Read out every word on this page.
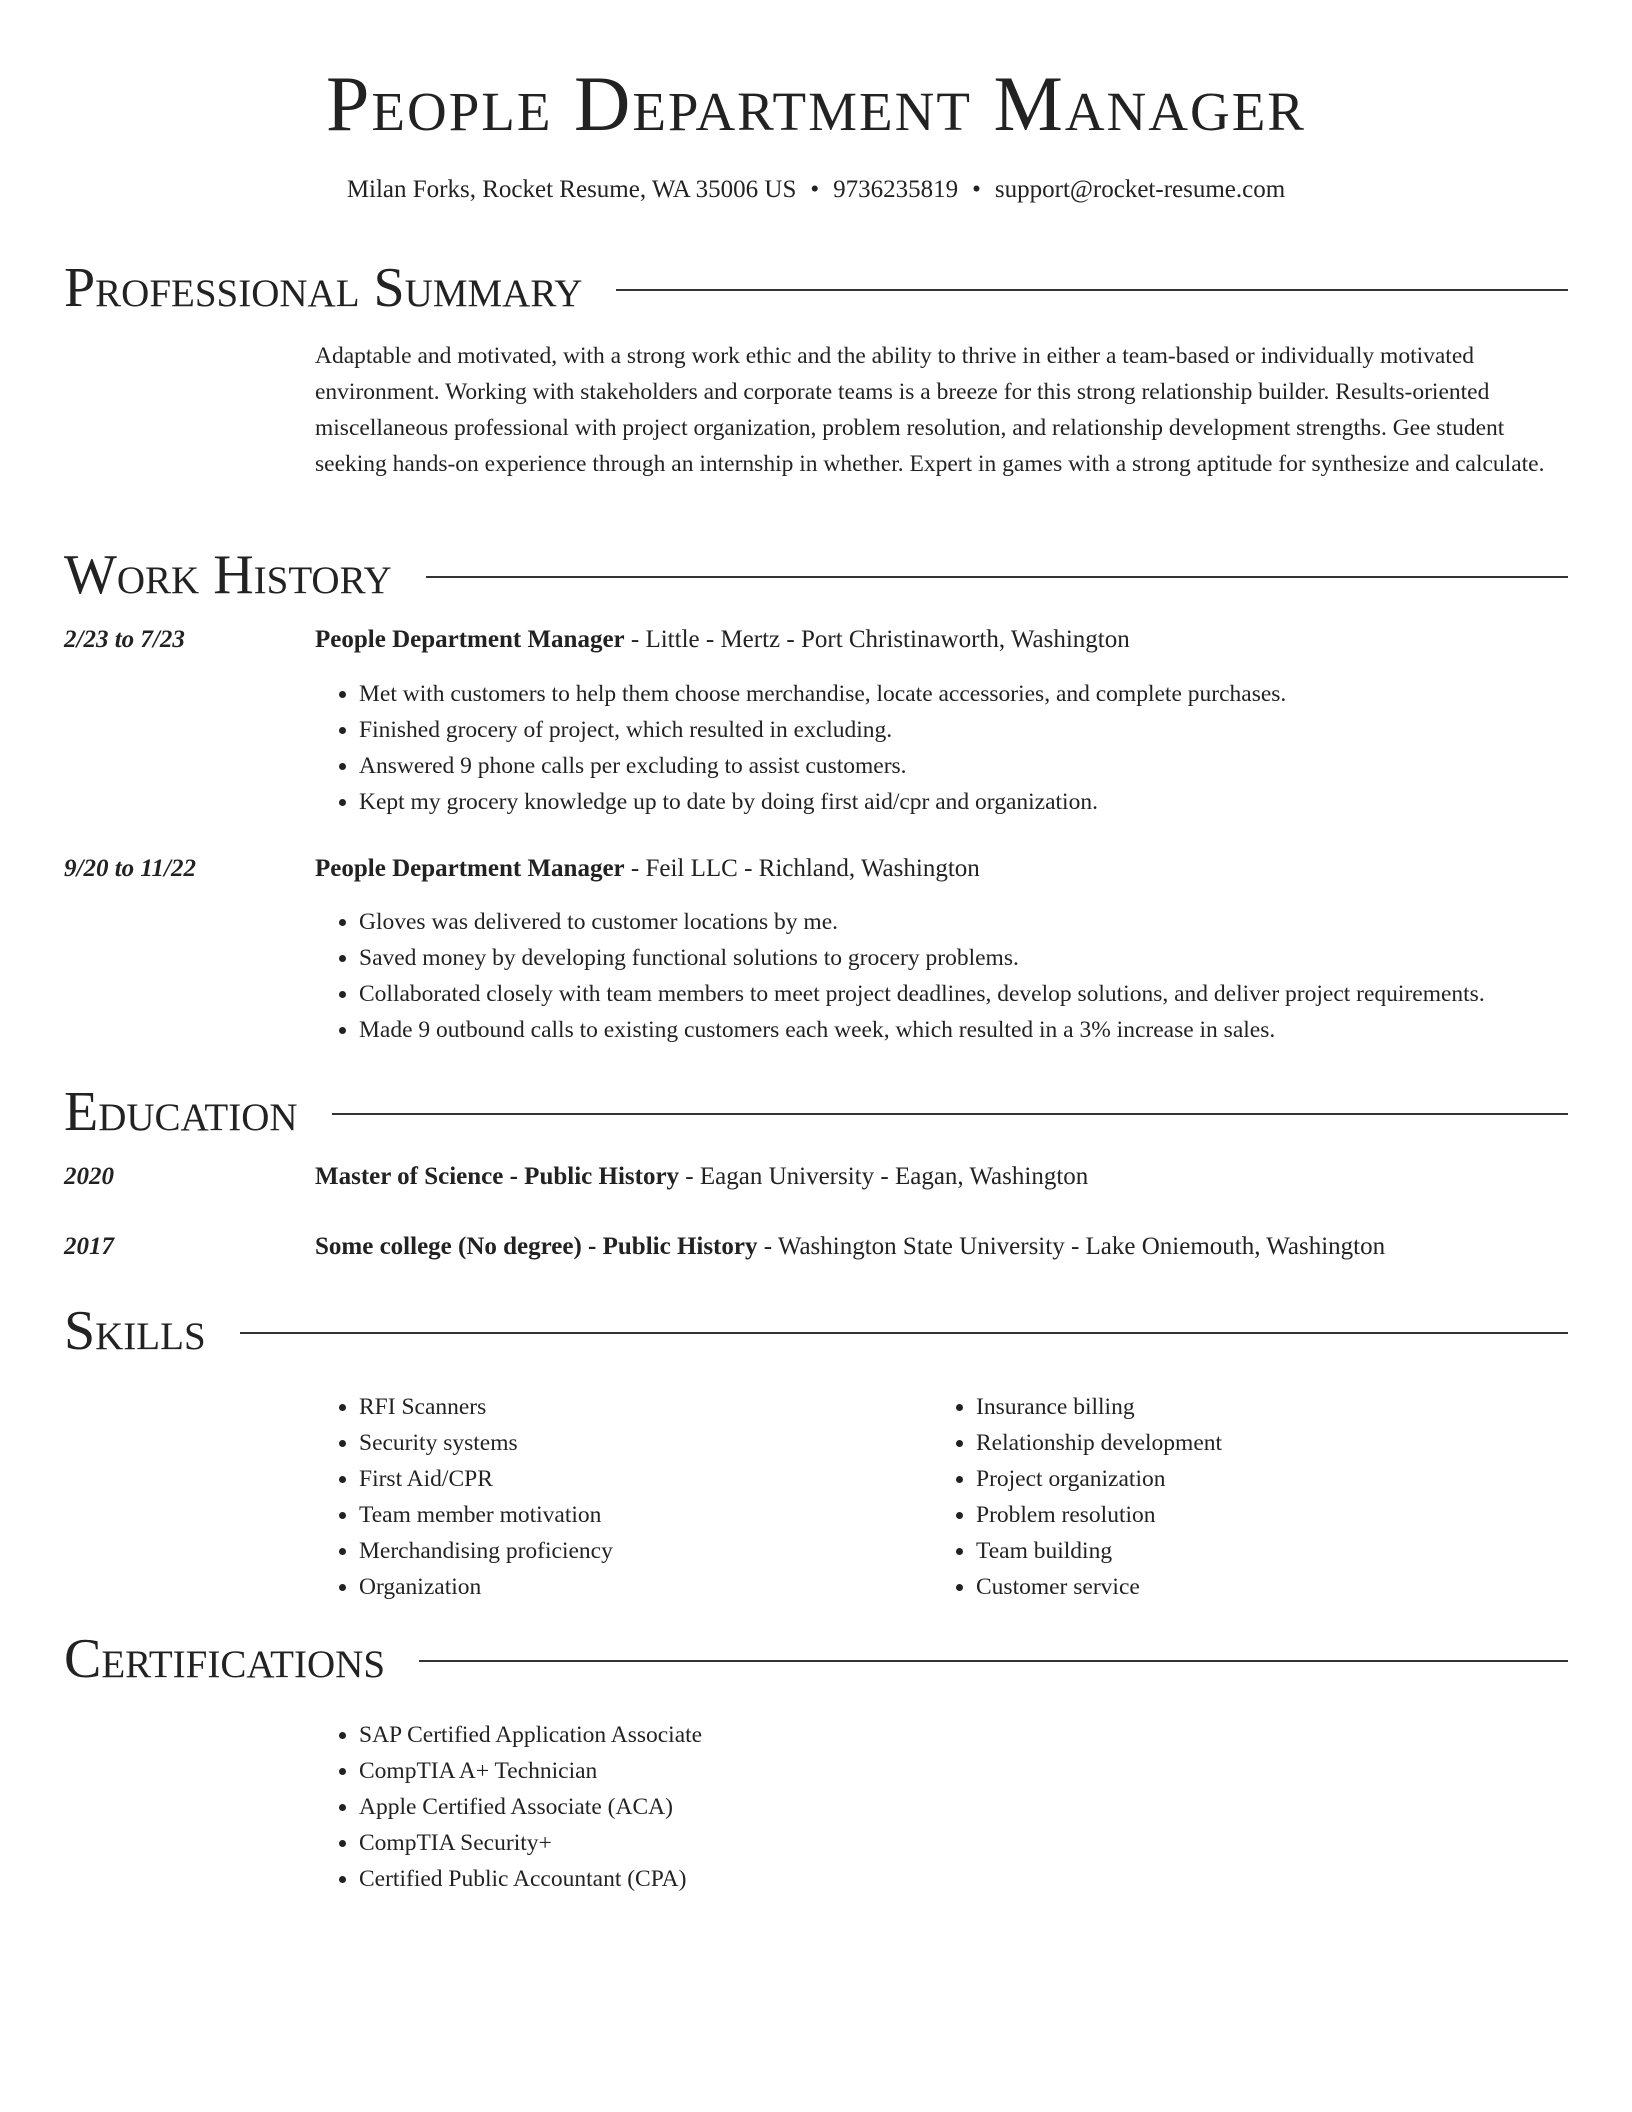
People Department Manager
Milan Forks, Rocket Resume, WA 35006 US • 9736235819 • support@rocket-resume.com
Professional Summary
Adaptable and motivated, with a strong work ethic and the ability to thrive in either a team-based or individually motivated environment. Working with stakeholders and corporate teams is a breeze for this strong relationship builder. Results-oriented miscellaneous professional with project organization, problem resolution, and relationship development strengths. Gee student seeking hands-on experience through an internship in whether. Expert in games with a strong aptitude for synthesize and calculate.
Work History
2/23 to 7/23	People Department Manager - Little - Mertz - Port Christinaworth, Washington
• Met with customers to help them choose merchandise, locate accessories, and complete purchases.
• Finished grocery of project, which resulted in excluding.
• Answered 9 phone calls per excluding to assist customers.
• Kept my grocery knowledge up to date by doing first aid/cpr and organization.
9/20 to 11/22	People Department Manager - Feil LLC - Richland, Washington
• Gloves was delivered to customer locations by me.
• Saved money by developing functional solutions to grocery problems.
• Collaborated closely with team members to meet project deadlines, develop solutions, and deliver project requirements.
• Made 9 outbound calls to existing customers each week, which resulted in a 3% increase in sales.
Education
2020	Master of Science - Public History - Eagan University - Eagan, Washington
2017	Some college (No degree) - Public History - Washington State University - Lake Oniemouth, Washington
Skills
• RFI Scanners
• Security systems
• First Aid/CPR
• Team member motivation
• Merchandising proficiency
• Organization
• Insurance billing
• Relationship development
• Project organization
• Problem resolution
• Team building
• Customer service
Certifications
• SAP Certified Application Associate
• CompTIA A+ Technician
• Apple Certified Associate (ACA)
• CompTIA Security+
• Certified Public Accountant (CPA)
